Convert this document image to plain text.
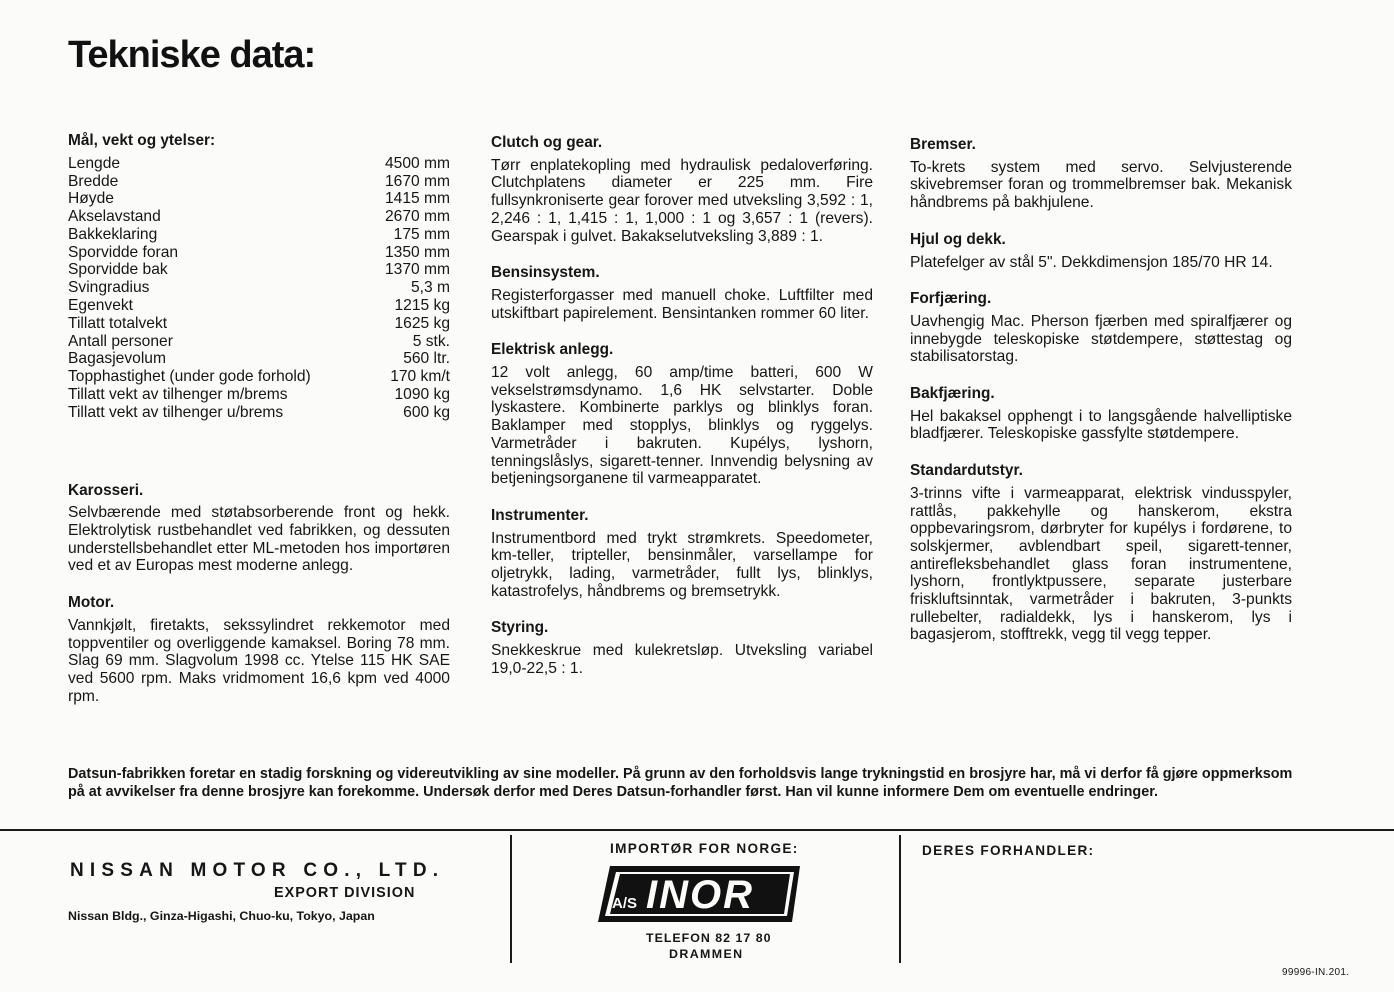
Tekniske data:
Mål, vekt og ytelser:
Lengde	4500 mm
Bredde	1670 mm
Høyde	1415 mm
Akselavstand	2670 mm
Bakkeklaring	175 mm
Sporvidde foran	1350 mm
Sporvidde bak	1370 mm
Svingradius	5,3 m
Egenvekt	1215 kg
Tillatt totalvekt	1625 kg
Antall personer	5 stk.
Bagasjevolum	560 ltr.
Topphastighet (under gode forhold)	170 km/t
Tillatt vekt av tilhenger m/brems	1090 kg
Tillatt vekt av tilhenger u/brems	600 kg
Karosseri.

Selvbærende med støtabsorberende front og hekk. Elektrolytisk rustbehandlet ved fabrikken, og dessuten understellsbehandlet etter ML-metoden hos importøren ved et av Europas mest moderne anlegg.

Motor.

Vannkjølt, firetakts, sekssylindret rekkemotor med toppventiler og overliggende kamaksel. Boring 78 mm. Slag 69 mm. Slagvolum 1998 cc. Ytelse 115 HK SAE ved 5600 rpm. Maks vridmoment 16,6 kpm ved 4000 rpm.

Clutch og gear.

Tørr enplatekopling med hydraulisk pedaloverføring. Clutchplatens diameter er 225 mm. Fire fullsynkroniserte gear forover med utveksling 3,592 : 1, 2,246 : 1, 1,415 : 1, 1,000 : 1 og 3,657 : 1 (revers). Gearspak i gulvet. Bakakselutveksling 3,889 : 1.

Bensinsystem.

Registerforgasser med manuell choke. Luftfilter med utskiftbart papirelement. Bensintanken rommer 60 liter.

Elektrisk anlegg.

12 volt anlegg, 60 amp/time batteri, 600 W vekselstrømsdynamo. 1,6 HK selvstarter. Doble lyskastere. Kombinerte parklys og blinklys foran. Baklamper med stopplys, blinklys og ryggelys. Varmetråder i bakruten. Kupélys, lyshorn, tenningslåslys, sigarett-tenner. Innvendig belysning av betjeningsorganene til varmeapparatet.

Instrumenter.

Instrumentbord med trykt strømkrets. Speedometer, km-teller, tripteller, bensinmåler, varsellampe for oljetrykk, lading, varmetråder, fullt lys, blinklys, katastrofelys, håndbrems og bremsetrykk.

Styring.

Snekkeskrue med kulekretsløp. Utveksling variabel 19,0-22,5 : 1.

Bremser.

To-krets system med servo. Selvjusterende skivebremser foran og trommelbremser bak. Mekanisk håndbrems på bakhjulene.

Hjul og dekk.

Platefelger av stål 5". Dekkdimensjon 185/70 HR 14.

Forfjæring.

Uavhengig Mac. Pherson fjærben med spiralfjærer og innebygde teleskopiske støtdempere, støttestag og stabilisatorstag.

Bakfjæring.

Hel bakaksel opphengt i to langsgående halvelliptiske bladfjærer. Teleskopiske gassfylte støtdempere.

Standardutstyr.

3-trinns vifte i varmeapparat, elektrisk vindusspyler, rattlås, pakkehylle og hanskerom, ekstra oppbevaringsrom, dørbryter for kupélys i fordørene, to solskjermer, avblendbart speil, sigarett-tenner, antirefleksbehandlet glass foran instrumentene, lyshorn, frontlyktpussere, separate justerbare friskluftsinntak, varmetråder i bakruten, 3-punkts rullebelter, radialdekk, lys i hanskerom, lys i bagasjerom, stofftrekk, vegg til vegg tepper.

Datsun-fabrikken foretar en stadig forskning og videreutvikling av sine modeller. På grunn av den forholdsvis lange trykningstid en brosjyre har, må vi derfor få gjøre oppmerksom på at avvikelser fra denne brosjyre kan forekomme. Undersøk derfor med Deres Datsun-forhandler først. Han vil kunne informere Dem om eventuelle endringer.
NISSAN MOTOR CO., LTD.
EXPORT DIVISION
Nissan Bldg., Ginza-Higashi, Chuo-ku, Tokyo, Japan
IMPORTØR FOR NORGE:
A/S INOR
TELEFON 82 17 80
DRAMMEN
DERES FORHANDLER:
99996-IN.201.
